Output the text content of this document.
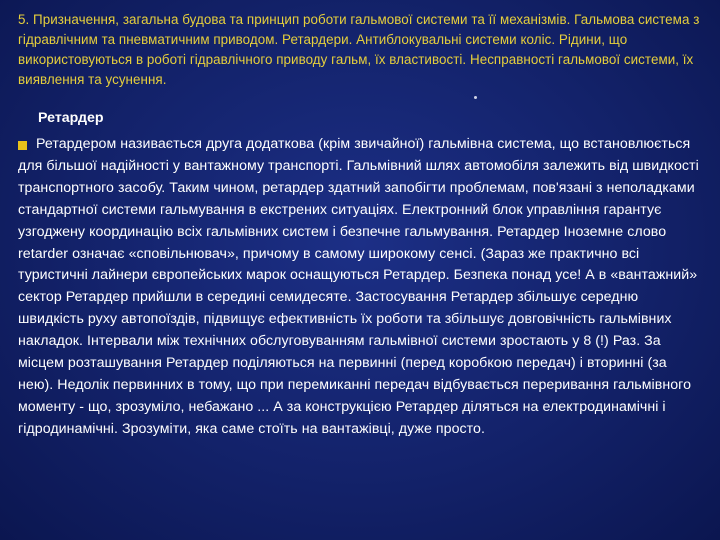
5. Призначення, загальна будова та принцип роботи гальмової системи та її механізмів. Гальмова система з гідравлічним та пневматичним приводом. Ретардери. Антиблокувальні системи коліс. Рідини, що використовуються в роботі гідравлічного приводу гальм, їх властивості. Несправності гальмової системи, їх виявлення та усунення.
Ретардер

Ретардером називається друга додаткова (крім звичайної) гальмівна система, що встановлюється для більшої надійності у вантажному транспорті. Гальмівний шлях автомобіля залежить від швидкості транспортного засобу. Таким чином, ретардер здатний запобігти проблемам, пов'язані з неполадками стандартної системи гальмування в екстрених ситуаціях. Електронний блок управління гарантує узгоджену координацію всіх гальмівних систем і безпечне гальмування. Ретардер Іноземне слово retarder означає «сповільнювач», причому в самому широкому сенсі. (Зараз же практично всі туристичні лайнери європейських марок оснащуються Ретардер. Безпека понад усе! А в «вантажний» сектор Ретардер прийшли в середині семидесяте. Застосування Ретардер збільшує середню швидкість руху автопоїздів, підвищує ефективність їх роботи та збільшує довговічність гальмівних накладок. Інтервали між технічних обслуговуванням гальмівної системи зростають у 8 (!) Раз. За місцем розташування Ретардер поділяються на первинні (перед коробкою передач) і вторинні (за нею). Недолік первинних в тому, що при перемиканні передач відбувається переривання гальмівного моменту - що, зрозуміло, небажано ... А за конструкцією Ретардер діляться на електродинамічні і гідродинамічні. Зрозуміти, яка саме стоїть на вантажівці, дуже просто.
